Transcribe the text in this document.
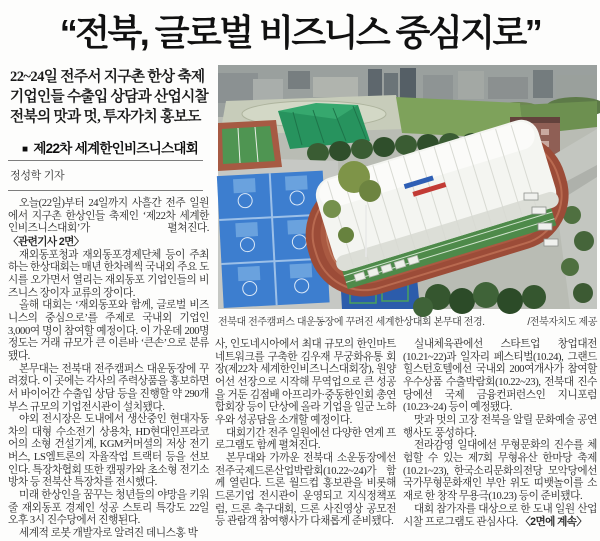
“전북, 글로벌 비즈니스 중심지로”
22~24일 전주서 지구촌 한상 축제
기업인들 수출입 상담과 산업시찰
전북의 맛과 멋, 투자가치 홍보도
■ 제22차 세계한인비즈니스대회
정성학 기자

오늘(22일)부터 24일까지 사흘간 전주 일원에서 지구촌 한상인들 축제인 ‘제22차 세계한인비즈니스대회’가 펼쳐진다. 〈관련기사 2면〉

재외동포청과 재외동포경제단체 등이 주최하는 한상대회는 매년 한차례씩 국내외 주요 도시를 오가면서 열리는 재외동포 기업인들의 비즈니스 장이자 교류의 장이다.

올해 대회는 ‘재외동포와 함께, 글로벌 비즈니스의 중심으로’를 주제로 국내외 기업인 3,000여 명이 참여할 예정이다. 이 가운데 200명 정도는 거래 규모가 큰 이른바 ‘큰손’으로 분류됐다.

본무대는 전북대 전주캠퍼스 대운동장에 꾸려졌다. 이 곳에는 각사의 주력상품을 홍보하면서 바이어간 수출입 상담 등을 진행할 약 290개 부스 규모의 기업전시관이 설치됐다.

야외 전시장은 도내에서 생산중인 현대자동차의 대형 수소전기 상용차, HD현대인프라코어의 소형 건설기계, KGM커머셜의 저상 전기버스, LS엠트론의 자율작업 트랙터 등을 선보인다. 특장차협회 또한 캠핑카와 초소형 전기소방차 등 전북산 특장차를 전시했다.

미래 한상인을 꿈꾸는 청년들의 야망을 키워 줄 재외동포 경제인 성공 스토리 특강도 22일 오후 3시 진수당에서 진행된다.

세계적 로봇 개발자로 알려진 데니스홍 박

전북대 전주캠퍼스 대운동장에 꾸려진 세계한상대회 본무대 전경.	/전북자치도 제공

사, 인도네시아에서 최대 규모의 한인마트 네트워크를 구축한 김우재 무궁화유통 회장(제22차 세계한인비즈니스대회장), 원양어선 선장으로 시작해 무역업으로 큰 성공을 거둔 김점배 아프리카·중동한인회 총연합회장 등이 단상에 올라 기업을 일군 노하우와 성공담을 소개할 예정이다.

대회기간 전주 일원에선 다양한 연계 프로그램도 함께 펼쳐진다.

본무대와 가까운 전북대 소운동장에선 전주국제드론산업박람회(10.22~24)가 함께 열린다. 드론 월드컵 홍보관을 비롯해 드론기업 전시관이 운영되고 지식정책포럼, 드론 축구대회, 드론 사진영상 공모전 등 관람객 참여행사가 다채롭게 준비됐다.

실내체육관에선 스타트업 창업대전(10.21~22)과 일자리 페스티벌(10.24), 그랜드힐스턴호텔에선 국내외 200여개사가 참여할 우수상품 수출박람회(10.22~23), 전북대 진수당에선 국제 금융컨퍼런스인 지니포럼(10.23~24) 등이 예정됐다.

맛과 멋의 고장 전북을 알릴 문화예술 공연행사도 풍성하다.

전라감영 일대에선 무형문화의 진수를 체험할 수 있는 제7회 무형유산 한마당 축제(10.21~23), 한국소리문화의전당 모악당에선 국가무형문화재인 부안 위도 띠뱃놀이를 소재로 한 창작 무용극(10.23) 등이 준비됐다.

대회 참가자를 대상으로 한 도내 일원 산업시찰 프로그램도 관심사다. 〈2면에 계속〉
